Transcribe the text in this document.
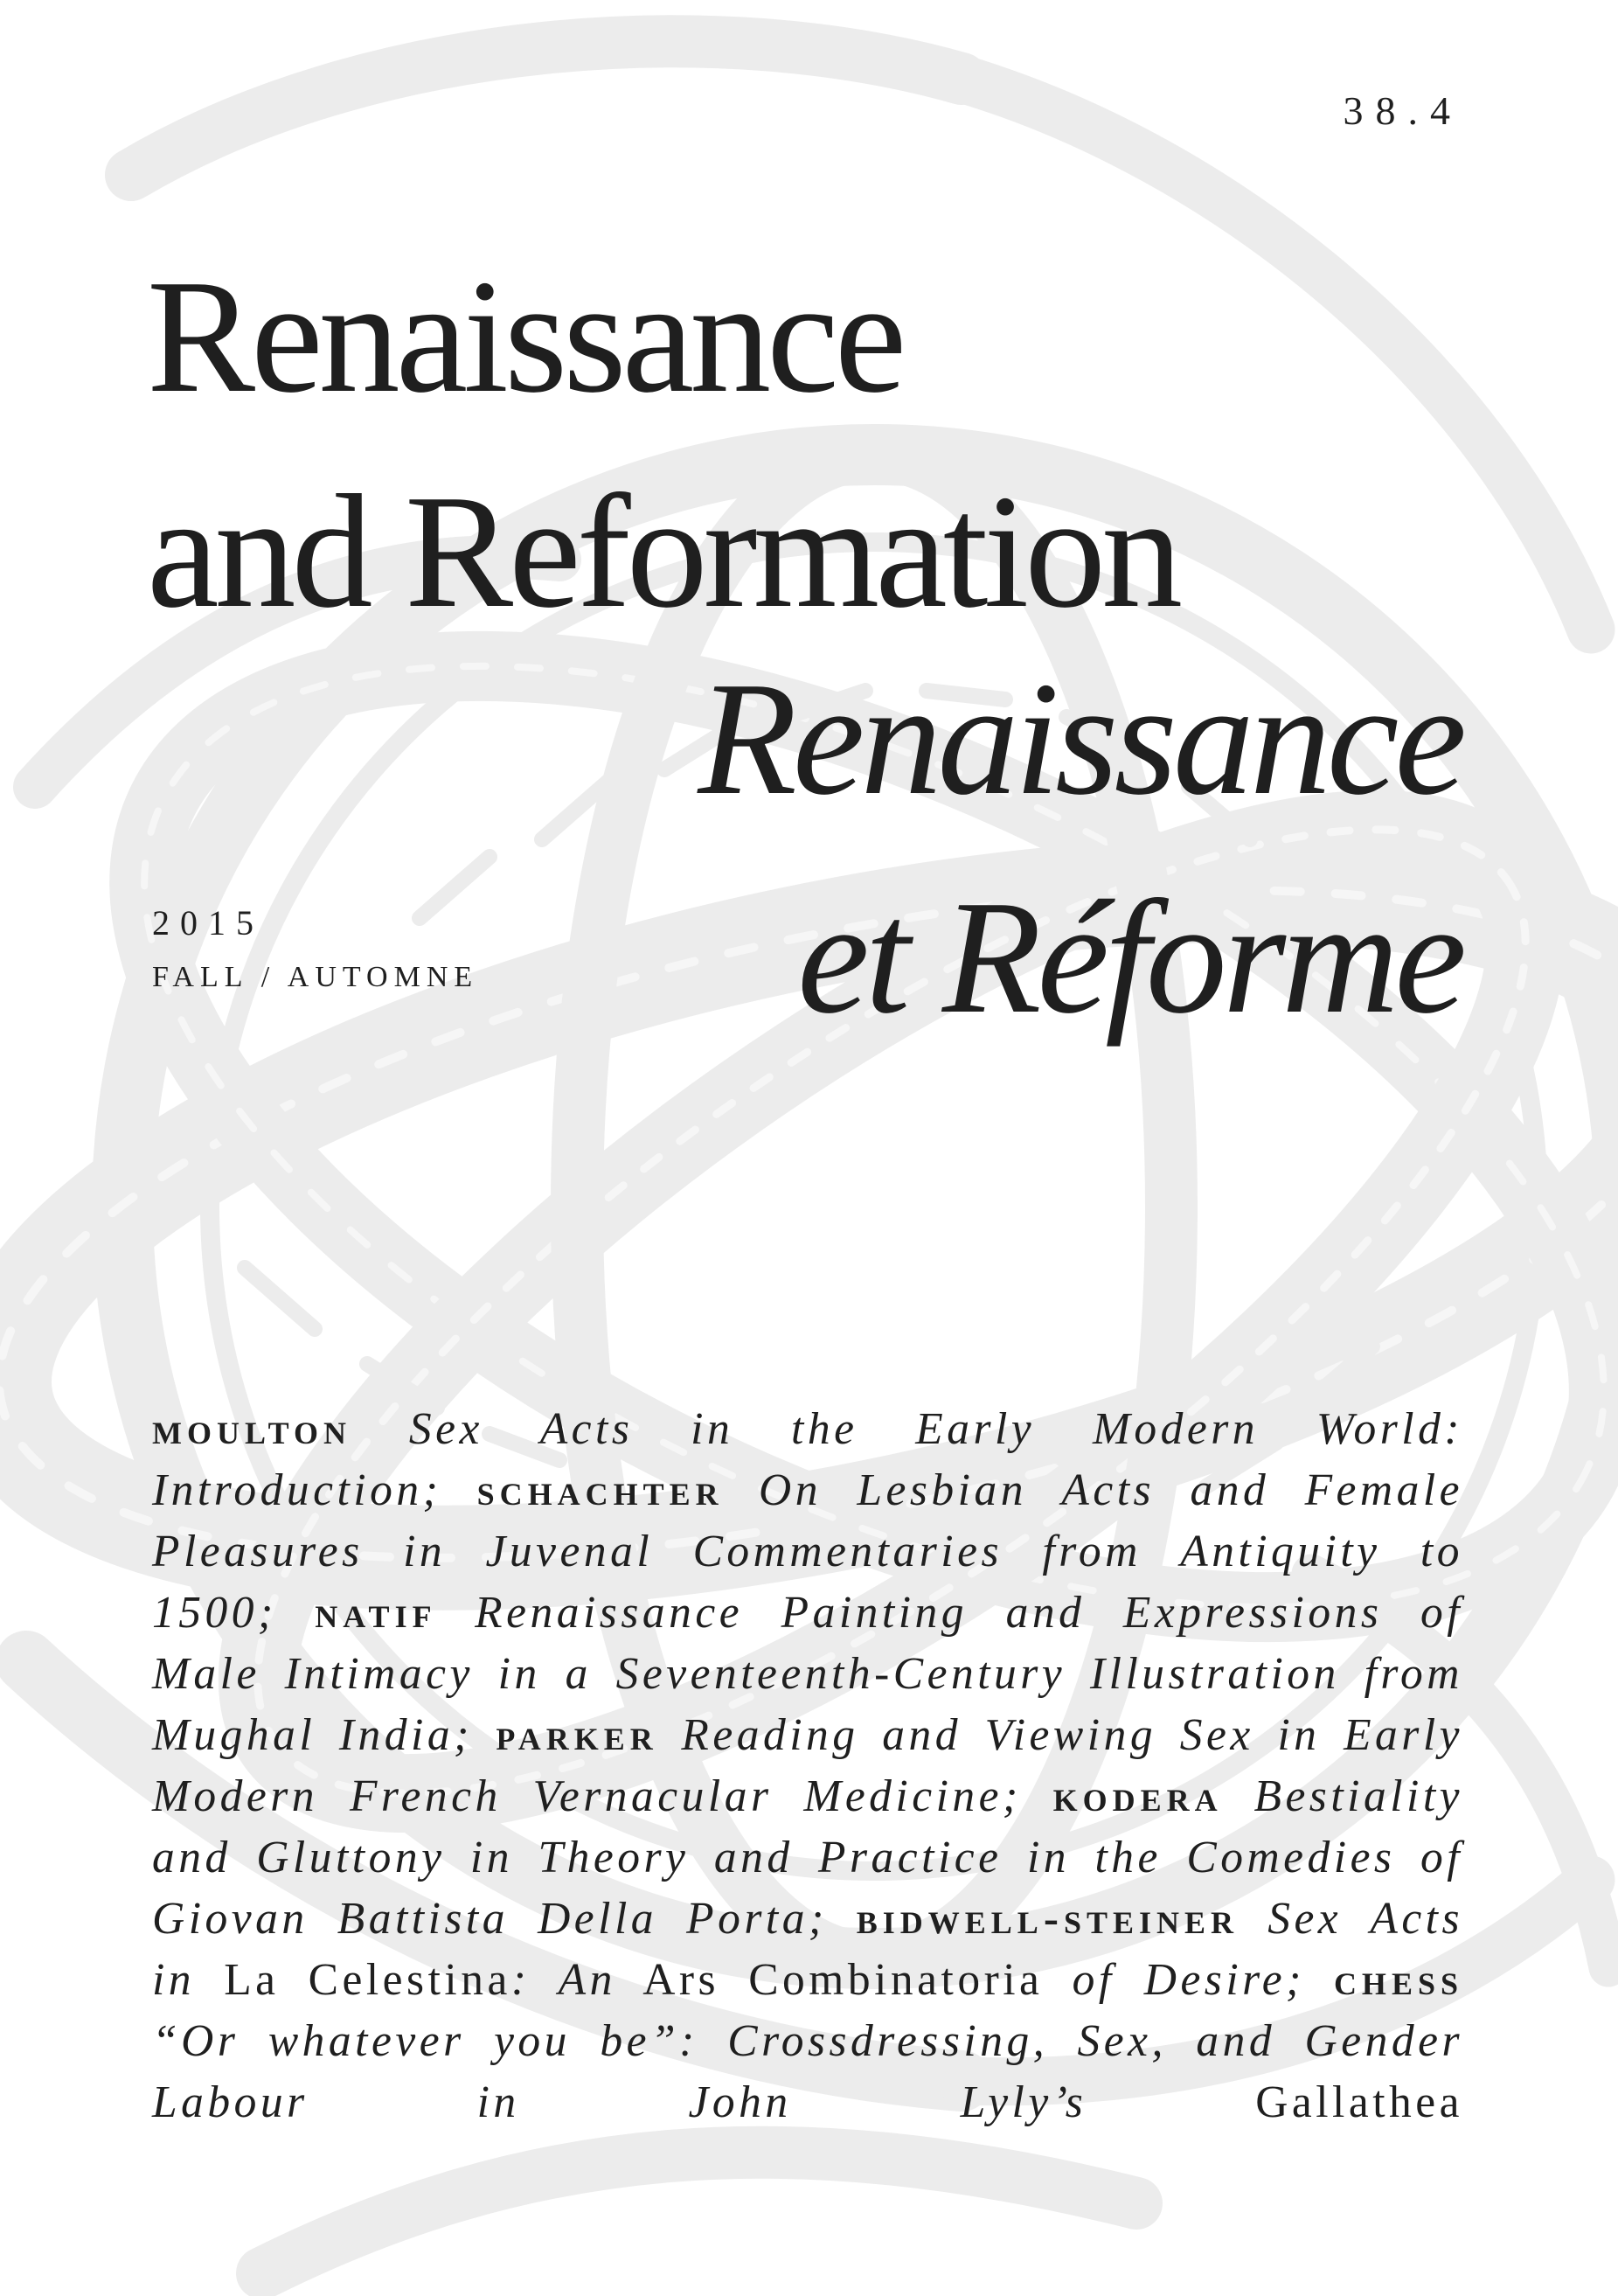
38.4
Renaissance
and Reformation
Renaissance
et Réforme
2015
FALL / AUTOMNE
moulton Sex Acts in the Early Modern World: Introduction; schachter On Lesbian Acts and Female Pleasures in Juvenal Commentaries from Antiquity to 1500; natif Renaissance Painting and Expressions of Male Intimacy in a Seventeenth-Century Illustration from Mughal India; parker Reading and Viewing Sex in Early Modern French Vernacular Medicine; kodera Bestiality and Gluttony in Theory and Practice in the Comedies of Giovan Battista Della Porta; bidwell-steiner Sex Acts in La Celestina: An Ars Combinatoria of Desire; chess “Or whatever you be”: Crossdressing, Sex, and Gender Labour in John Lyly’s	Gallathea
